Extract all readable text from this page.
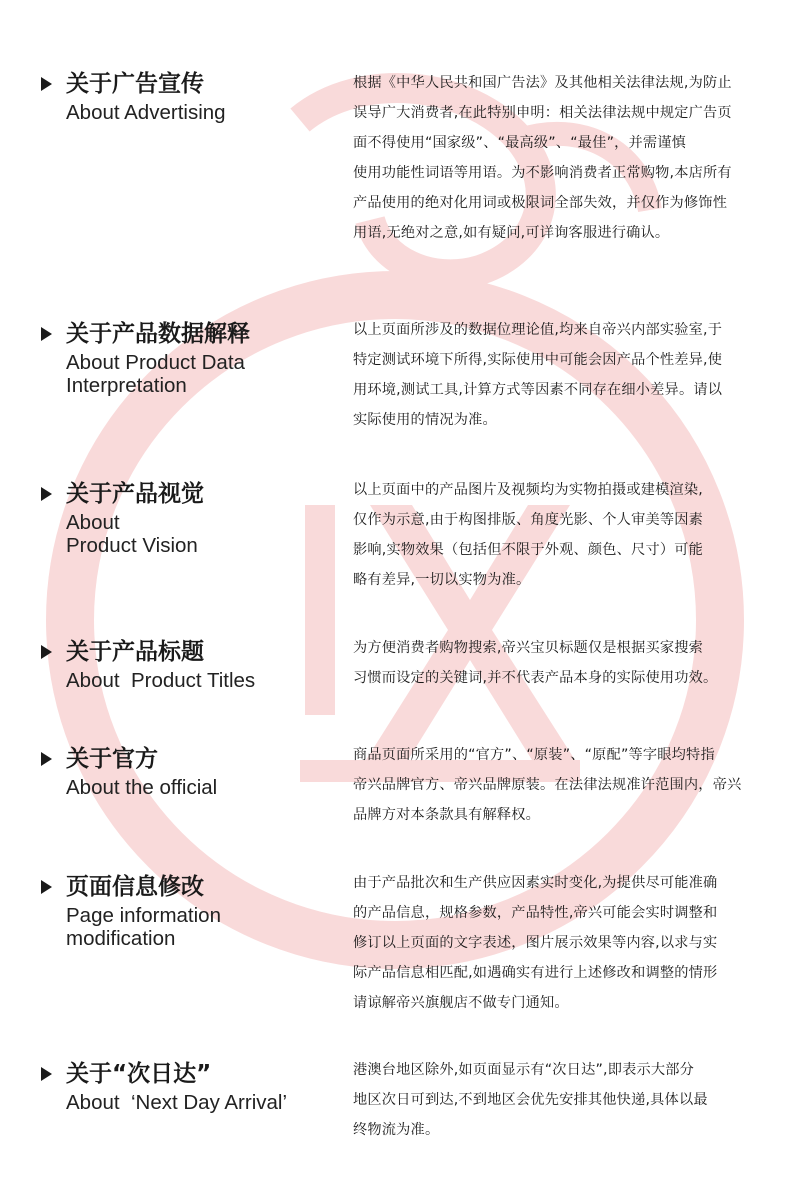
关于广告宣传
About Advertising
根据《中华人民共和国广告法》及其他相关法律法规,为防止
误导广大消费者,在此特别申明：相关法律法规中规定广告页
面不得使用“国家级”、“最高级”、“最佳”，并需谨慎
使用功能性词语等用语。为不影响消费者正常购物,本店所有
产品使用的绝对化用词或极限词全部失效，并仅作为修饰性
用语,无绝对之意,如有疑问,可详询客服进行确认。
关于产品数据解释
About Product Data
Interpretation
以上页面所涉及的数据位理论值,均来自帝兴内部实验室,于
特定测试环境下所得,实际使用中可能会因产品个性差异,使
用环境,测试工具,计算方式等因素不同存在细小差异。请以
实际使用的情况为准。
关于产品视觉
About
Product Vision
以上页面中的产品图片及视频均为实物拍摄或建模渲染,
仅作为示意,由于构图排版、角度光影、个人审美等因素
影响,实物效果（包括但不限于外观、颜色、尺寸）可能
略有差异,一切以实物为准。
关于产品标题
About  Product Titles
为方便消费者购物搜索,帝兴宝贝标题仅是根据买家搜索
习惯而设定的关键词,并不代表产品本身的实际使用功效。
关于官方
About the official
商品页面所采用的“官方”、“原装”、“原配”等字眼均特指
帝兴品牌官方、帝兴品牌原装。在法律法规准许范围内，帝兴
品牌方对本条款具有解释权。
页面信息修改
Page information
modification
由于产品批次和生产供应因素实时变化,为提供尽可能准确
的产品信息，规格参数，产品特性,帝兴可能会实时调整和
修订以上页面的文字表述，图片展示效果等内容,以求与实
际产品信息相匹配,如遇确实有进行上述修改和调整的情形
请谅解帝兴旗舰店不做专门通知。
关于“次日达”
About  ‘Next Day Arrival’
港澳台地区除外,如页面显示有“次日达”,即表示大部分
地区次日可到达,不到地区会优先安排其他快递,具体以最
终物流为准。
